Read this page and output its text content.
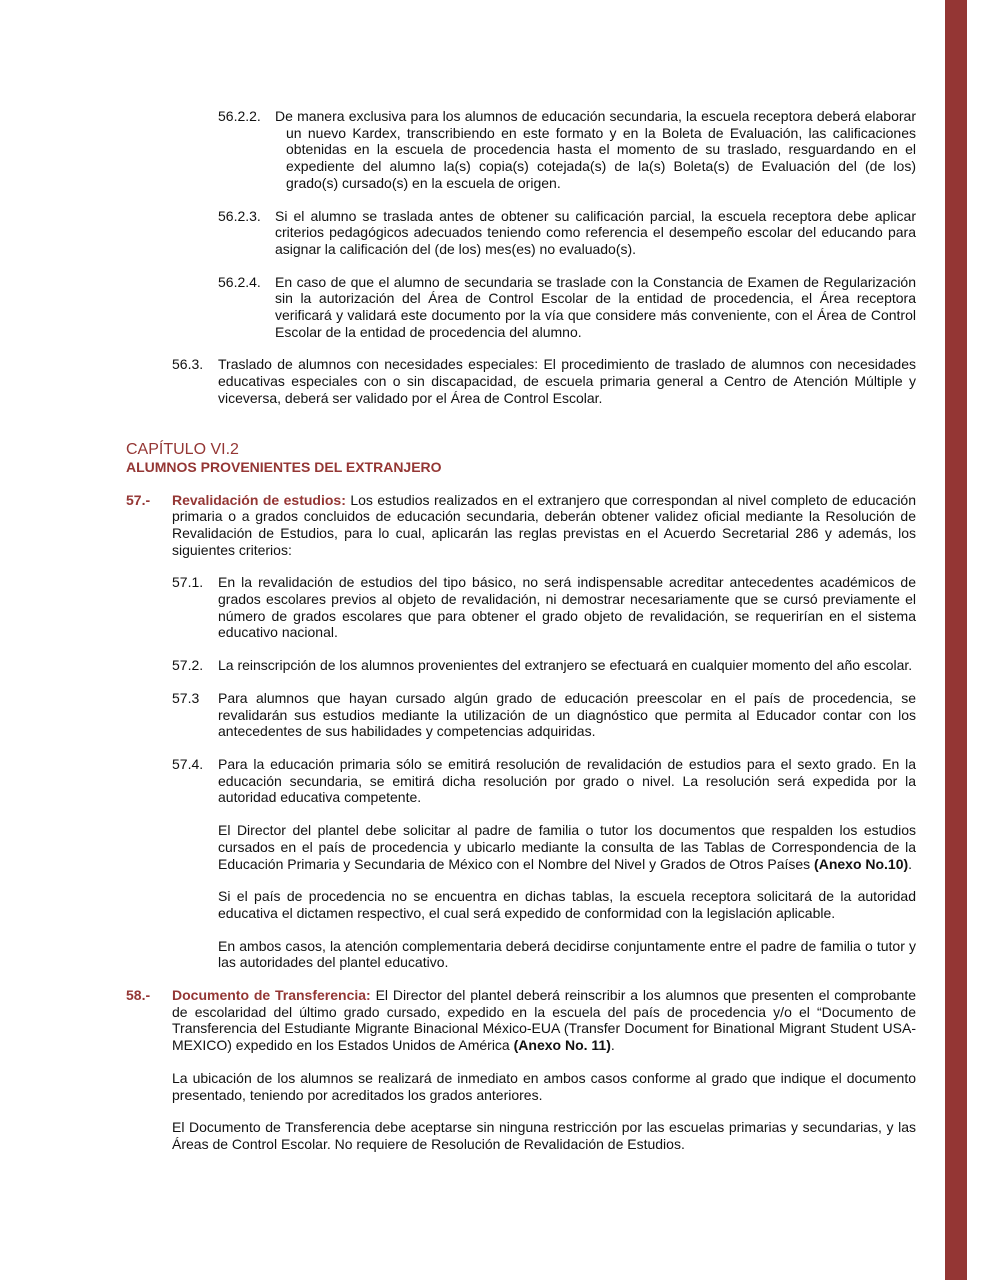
56.2.2. De manera exclusiva para los alumnos de educación secundaria, la escuela receptora deberá elaborar un nuevo Kardex, transcribiendo en este formato y en la Boleta de Evaluación, las calificaciones obtenidas en la escuela de procedencia hasta el momento de su traslado, resguardando en el expediente del alumno la(s) copia(s) cotejada(s) de la(s) Boleta(s) de Evaluación del (de los) grado(s) cursado(s) en la escuela de origen.

56.2.3. Si el alumno se traslada antes de obtener su calificación parcial, la escuela receptora debe aplicar criterios pedagógicos adecuados teniendo como referencia el desempeño escolar del educando para asignar la calificación del (de los) mes(es) no evaluado(s).

56.2.4. En caso de que el alumno de secundaria se traslade con la Constancia de Examen de Regularización sin la autorización del Área de Control Escolar de la entidad de procedencia, el Área receptora verificará y validará este documento por la vía que considere más conveniente, con el Área de Control Escolar de la entidad de procedencia del alumno.

56.3. Traslado de alumnos con necesidades especiales: El procedimiento de traslado de alumnos con necesidades educativas especiales con o sin discapacidad, de escuela primaria general a Centro de Atención Múltiple y viceversa, deberá ser validado por el Área de Control Escolar.

CAPÍTULO VI.2

ALUMNOS PROVENIENTES DEL EXTRANJERO

57.- Revalidación de estudios: Los estudios realizados en el extranjero que correspondan al nivel completo de educación primaria o a grados concluidos de educación secundaria, deberán obtener validez oficial mediante la Resolución de Revalidación de Estudios, para lo cual, aplicarán las reglas previstas en el Acuerdo Secretarial 286 y además, los siguientes criterios:

57.1. En la revalidación de estudios del tipo básico, no será indispensable acreditar antecedentes académicos de grados escolares previos al objeto de revalidación, ni demostrar necesariamente que se cursó previamente el número de grados escolares que para obtener el grado objeto de revalidación, se requerirían en el sistema educativo nacional.

57.2. La reinscripción de los alumnos provenientes del extranjero se efectuará en cualquier momento del año escolar.

57.3 Para alumnos que hayan cursado algún grado de educación preescolar en el país de procedencia, se revalidarán sus estudios mediante la utilización de un diagnóstico que permita al Educador contar con los antecedentes de sus habilidades y competencias adquiridas.

57.4. Para la educación primaria sólo se emitirá resolución de revalidación de estudios para el sexto grado. En la educación secundaria, se emitirá dicha resolución por grado o nivel. La resolución será expedida por la autoridad educativa competente.

El Director del plantel debe solicitar al padre de familia o tutor los documentos que respalden los estudios cursados en el país de procedencia y ubicarlo mediante la consulta de las Tablas de Correspondencia de la Educación Primaria y Secundaria de México con el Nombre del Nivel y Grados de Otros Países (Anexo No.10).

Si el país de procedencia no se encuentra en dichas tablas, la escuela receptora solicitará de la autoridad educativa el dictamen respectivo, el cual será expedido de conformidad con la legislación aplicable.

En ambos casos, la atención complementaria deberá decidirse conjuntamente entre el padre de familia o tutor y las autoridades del plantel educativo.

58.- Documento de Transferencia: El Director del plantel deberá reinscribir a los alumnos que presenten el comprobante de escolaridad del último grado cursado, expedido en la escuela del país de procedencia y/o el “Documento de Transferencia del Estudiante Migrante Binacional México-EUA (Transfer Document for Binational Migrant Student USA-MEXICO) expedido en los Estados Unidos de América (Anexo No. 11).

La ubicación de los alumnos se realizará de inmediato en ambos casos conforme al grado que indique el documento presentado, teniendo por acreditados los grados anteriores.

El Documento de Transferencia debe aceptarse sin ninguna restricción por las escuelas primarias y secundarias, y las Áreas de Control Escolar. No requiere de Resolución de Revalidación de Estudios.
